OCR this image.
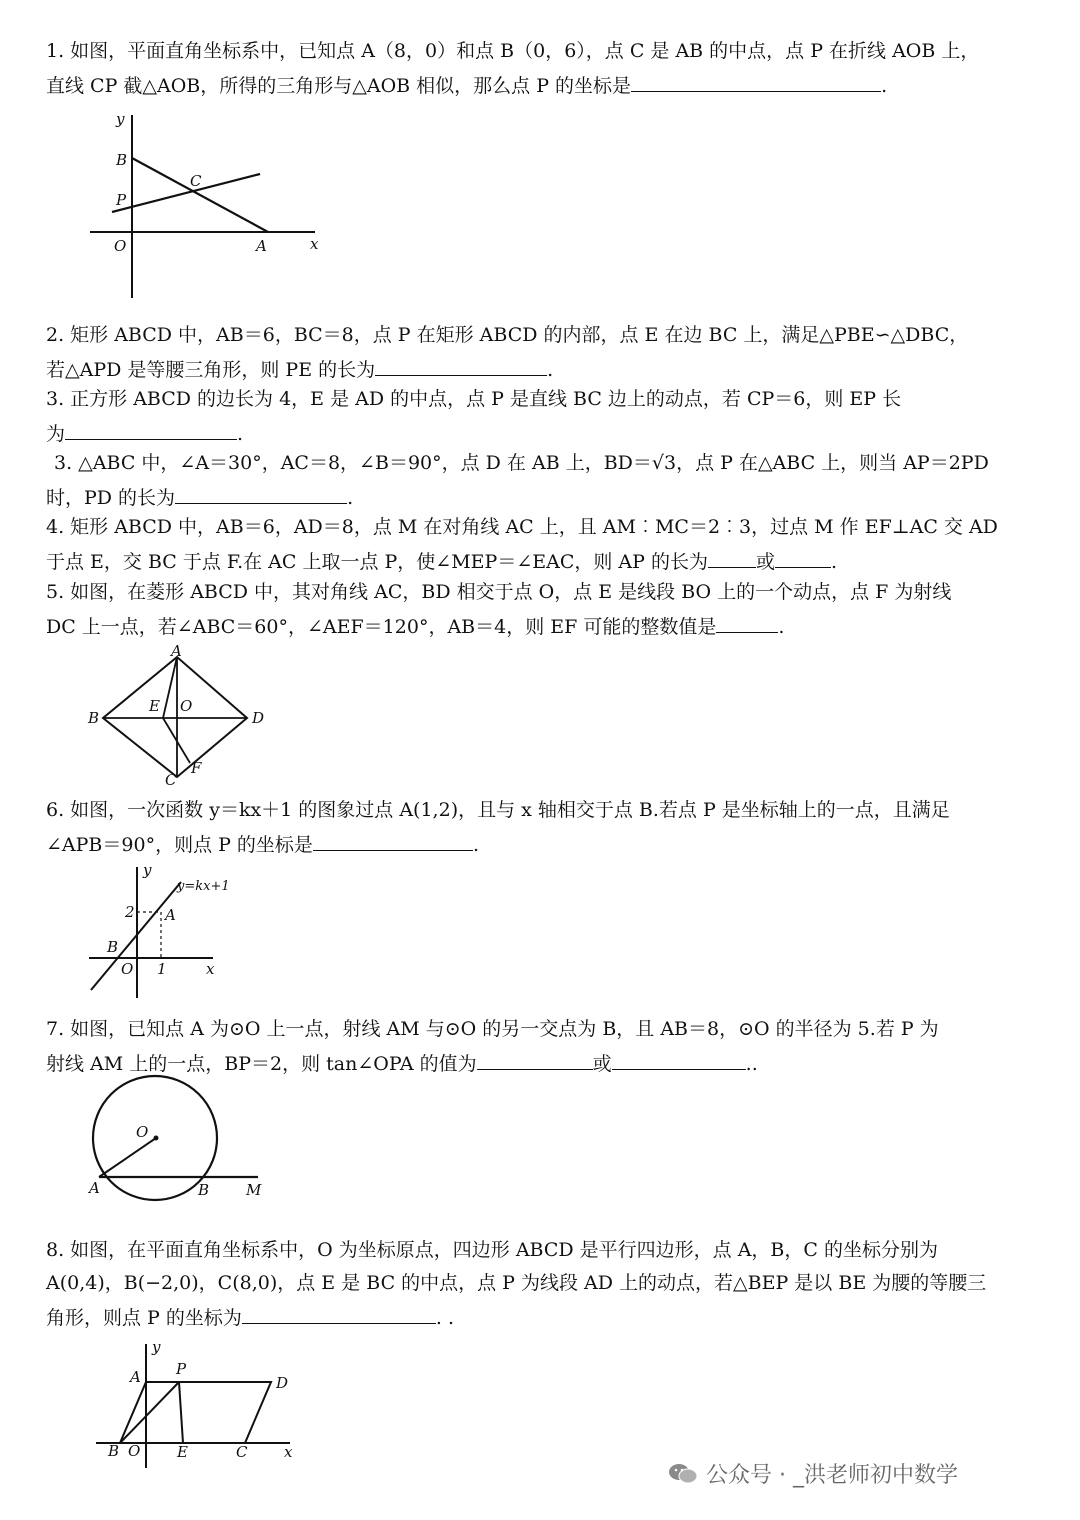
1. 如图，平面直角坐标系中，已知点 A（8，0）和点 B（0，6），点 C 是 AB 的中点，点 P 在折线 AOB 上，
直线 CP 截△AOB，所得的三角形与△AOB 相似，那么点 P 的坐标是	.
y
x
B
C
P
O	A
2. 矩形 ABCD 中，AB＝6，BC＝8，点 P 在矩形 ABCD 的内部，点 E 在边 BC 上，满足△PBE∽△DBC，
若△APD 是等腰三角形，则 PE 的长为	.
3. 正方形 ABCD 的边长为 4，E 是 AD 的中点，点 P 是直线 BC 边上的动点，若 CP＝6，则 EP 长
为	.
3. △ABC 中，∠A＝30°，AC＝8，∠B＝90°，点 D 在 AB 上，BD＝√3，点 P 在△ABC 上，则当 AP＝2PD
时，PD 的长为	.
4. 矩形 ABCD 中，AB＝6，AD＝8，点 M 在对角线 AC 上，且 AM︰MC＝2︰3，过点 M 作 EF⊥AC 交 AD
于点 E，交 BC 于点 F.在 AC 上取一点 P，使∠MEP＝∠EAC，则 AP 的长为	或	.
5. 如图，在菱形 ABCD 中，其对角线 AC，BD 相交于点 O，点 E 是线段 BO 上的一个动点，点 F 为射线
DC 上一点，若∠ABC＝60°，∠AEF＝120°，AB＝4，则 EF 可能的整数值是	.
A
B	D
E O
C
F
6. 如图，一次函数 y＝kx＋1 的图象过点 A(1,2)，且与 x 轴相交于点 B.若点 P 是坐标轴上的一点，且满足
∠APB＝90°，则点 P 的坐标是	.
y
y=kx+1
2 A
B
O 1	x
7. 如图，已知点 A 为⊙O 上一点，射线 AM 与⊙O 的另一交点为 B，且 AB＝8，⊙O 的半径为 5.若 P 为
射线 AM 上的一点，BP＝2，则 tan∠OPA 的值为	或	..
O
A	B M
8. 如图，在平面直角坐标系中，O 为坐标原点，四边形 ABCD 是平行四边形，点 A，B，C 的坐标分别为
A(0,4)，B(−2,0)，C(8,0)，点 E 是 BC 的中点，点 P 为线段 AD 上的动点，若△BEP 是以 BE 为腰的等腰三
角形，则点 P 的坐标为	. .
y
A P
D
B O E	C x
公众号 · _洪老师初中数学
